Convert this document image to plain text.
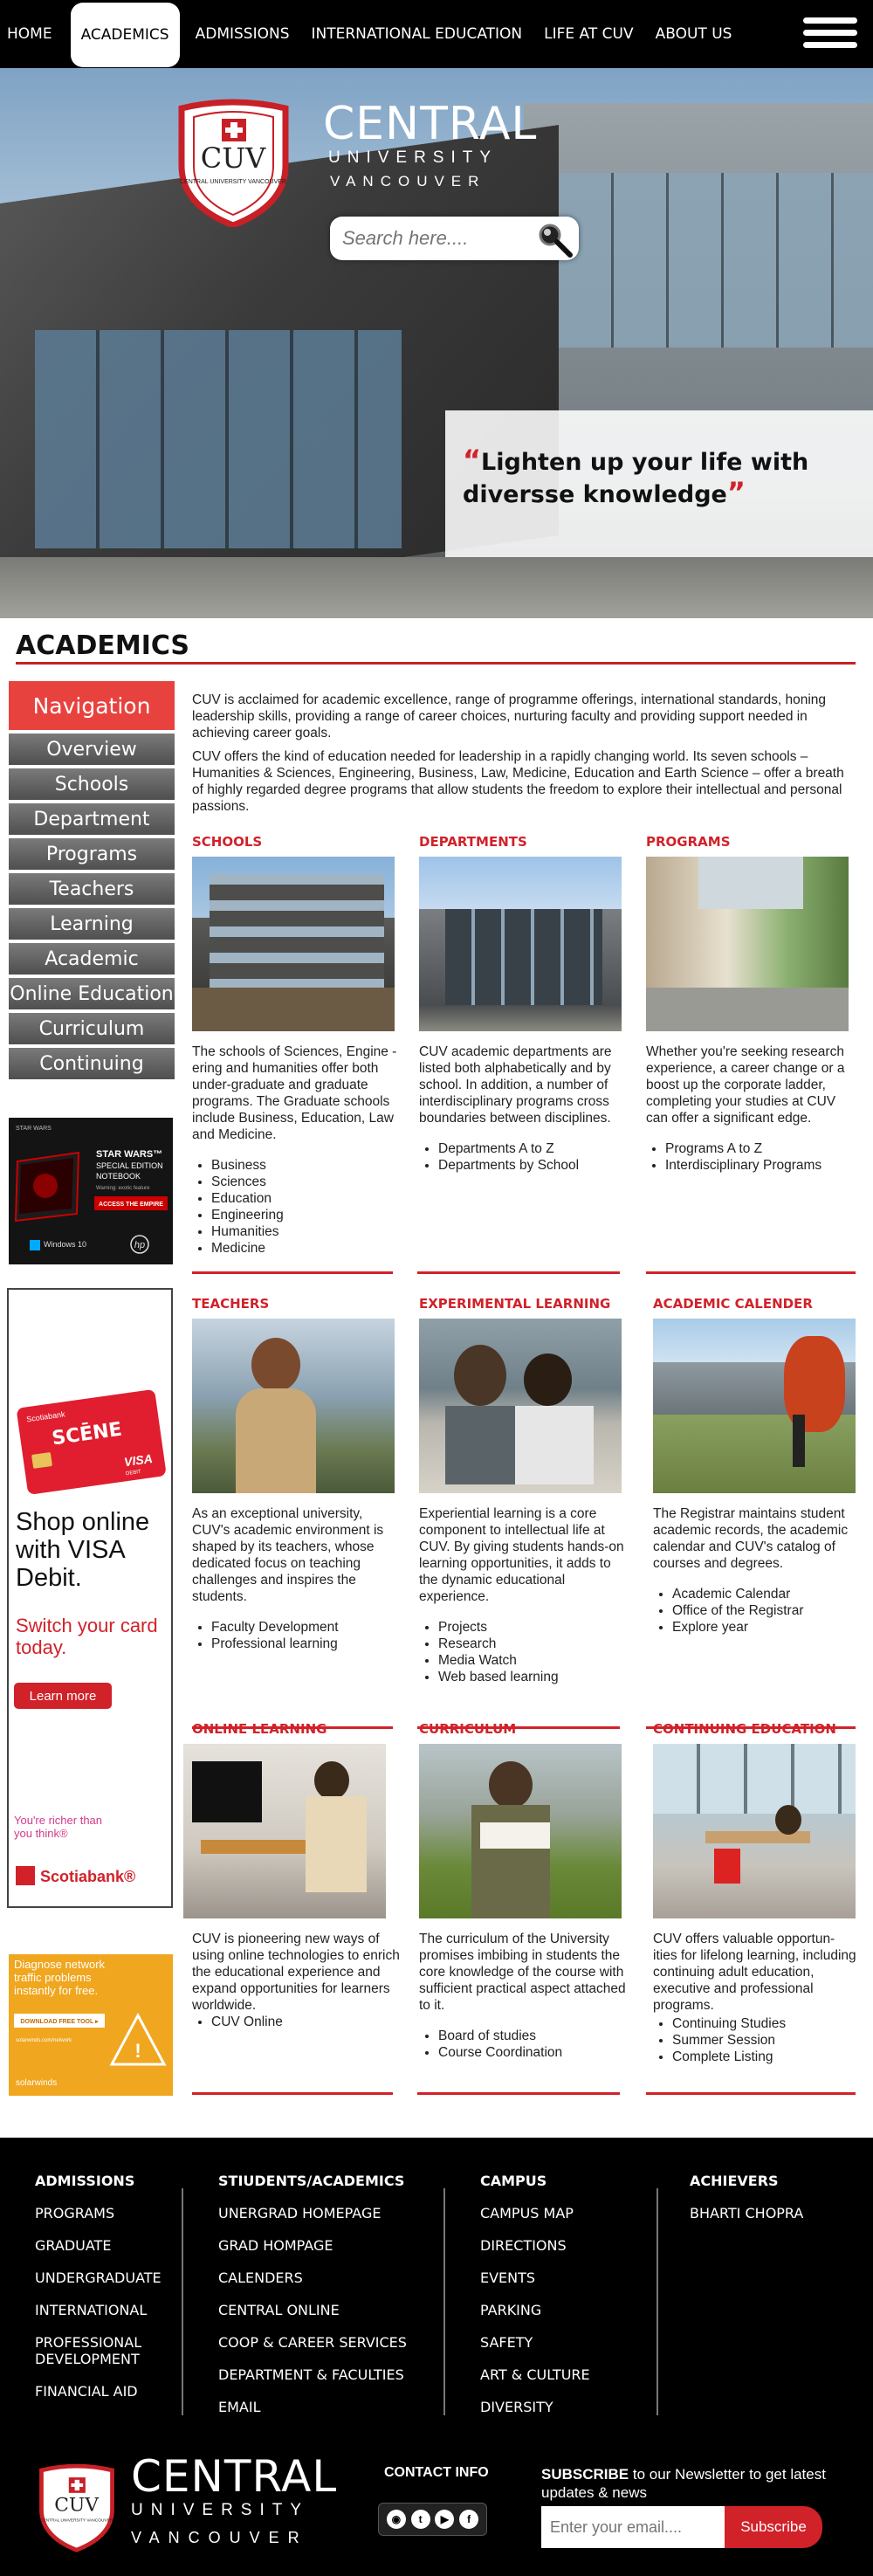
HOME	ACADEMICS	ADMISSIONS INTERNATIONAL EDUCATION LIFE AT CUV ABOUT US
CUV
CENTRAL UNIVERSITY VANCOUVER
CENTRAL
UNIVERSITY
VANCOUVER
Search here....
“Lighten up your life with diversse knowledge”
ACADEMICS
Navigation
Overview
Schools
Department
Programs
Teachers
Learning
Academic
Online Education
Curriculum
Continuing
STAR WARS
STAR WARS™
SPECIAL EDITION
NOTEBOOK
Warning: exotic feature
ACCESS THE EMPIRE
Windows 10	hp
Scotiabank
SCĒNE
VISA
DEBIT
Shop online with VISA Debit.
Switch your card today.
Learn more
You're richer than you think®
Scotiabank®
Diagnose network traffic problems instantly for free.
DOWNLOAD FREE TOOL ▸
solarwinds.com/network	!
solarwinds

CUV is acclaimed for academic excellence, range of programme offerings, international standards, honing leadership skills, providing a range of career choices, nurturing faculty and providing support needed in achieving career goals.

CUV offers the kind of education needed for leadership in a rapidly changing world. Its seven schools – Humanities & Sciences, Engineering, Business, Law, Medicine, Education and Earth Science – offer a breath of highly regarded degree programs that allow students the freedom to explore their intellectual and personal passions.

SCHOOLS
The schools of Sciences, Engine -ering and humanities offer both under-graduate and graduate programs. The Graduate schools include Business, Education, Law and Medicine.
• Business
• Sciences
• Education
• Engineering
• Humanities
• Medicine
DEPARTMENTS
CUV academic departments are listed both alphabetically and by school. In addition, a number of interdisciplinary programs cross boundaries between disciplines.
• Departments A to Z
• Departments by School
PROGRAMS
Whether you're seeking research experience, a career change or a boost up the corporate ladder, completing your studies at CUV can offer a significant edge.
• Programs A to Z
• Interdisciplinary Programs
TEACHERS
As an exceptional university, CUV's academic environment is shaped by its teachers, whose dedicated focus on teaching challenges and inspires the students.
• Faculty Development
• Professional learning
EXPERIMENTAL LEARNING
Experiential learning is a core component to intellectual life at CUV. By giving students hands-on learning opportunities, it adds to the dynamic educational experience.
• Projects
• Research
• Media Watch
• Web based learning
ACADEMIC CALENDER
The Registrar maintains student academic records, the academic calendar and CUV's catalog of courses and degrees.
• Academic Calendar
• Office of the Registrar
• Explore year
ONLINE LEARNING
CUV is pioneering new ways of using online technologies to enrich the educational experience and expand opportunities for learners worldwide.
• CUV Online
CURRICULUM
The curriculum of the University promises imbibing in students the core knowledge of the course with sufficient practical aspect attached to it.
• Board of studies
• Course Coordination
CONTINUING EDUCATION
CUV offers valuable opportun- ities for lifelong learning, including continuing adult education, executive and professional programs.
• Continuing Studies
• Summer Session
• Complete Listing
ADMISSIONS
PROGRAMS
GRADUATE
UNDERGRADUATE
INTERNATIONAL
PROFESSIONAL DEVELOPMENT
FINANCIAL AID
STIUDENTS/ACADEMICS
UNERGRAD HOMEPAGE
GRAD HOMPAGE
CALENDERS
CENTRAL ONLINE
COOP & CAREER SERVICES
DEPARTMENT & FACULTIES
EMAIL
CAMPUS
CAMPUS MAP
DIRECTIONS
EVENTS
PARKING
SAFETY
ART & CULTURE
DIVERSITY
ACHIEVERS
BHARTI CHOPRA
CUV
CENTRAL UNIVERSITY VANCOUVER
CENTRAL
UNIVERSITY
VANCOUVER
CONTACT INFO
◉	t	▶	f
SUBSCRIBE to our Newsletter to get latest updates & news
Enter your email....
Subscribe
